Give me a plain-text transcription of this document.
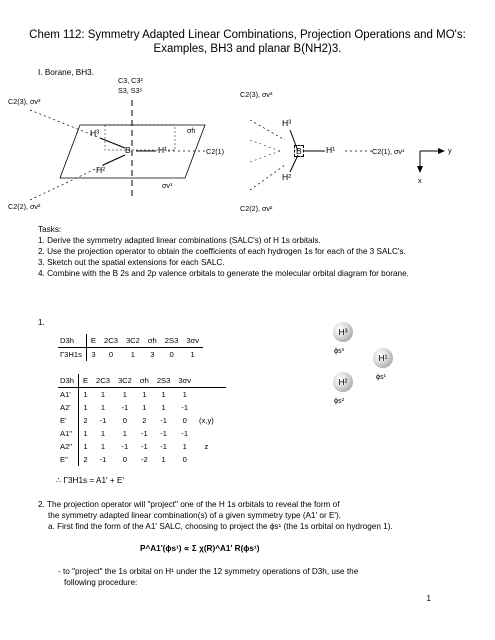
Chem 112: Symmetry Adapted Linear Combinations, Projection Operations and MO's:
Examples, BH3 and planar B(NH2)3.
I. Borane, BH3.
C3, C3²
S3, S3⁵
C2(3), σv³
C2(2), σv²
H³
H²
B	H¹
σh
σv¹
C2(1)
C2(3), σv³
C2(2), σv²
C2(1), σv¹
H³
H²
B	H¹	y
x
Tasks:
1. Derive the symmetry adapted linear combinations (SALC's) of H 1s orbitals.
2. Use the projection operator to obtain the coefficients of each hydrogen 1s for each of the 3 SALC's.
3. Sketch out the spatial extensions for each SALC.
4. Combine with the B 2s and 2p valence orbitals to generate the molecular orbital diagram for borane.
1.
D3h	E	2C3	3C2	σh	2S3	3σv
Γ3H1s	3	0	1	3	0	1
D3h	E	2C3	3C2	σh	2S3	3σv		
A1'	1	1	1	1	1	1		
A2'	1	1	-1	1	1	-1		
E'	2	-1	0	2	-1	0	(x,y)	
A1"	1	1	1	-1	-1	-1		
A2"	1	1	-1	-1	-1	1	z	
E"	2	-1	0	-2	1	0		
∴ Γ3H1s = A1' + E'
H³
ϕs³
H²
ϕs²
H¹
ϕs¹
2. The projection operator will "project" one of the H 1s orbitals to reveal the form of
the symmetry adapted linear combination(s) of a given symmetry type (A1' or E').
a. First find the form of the A1' SALC, choosing to project the ϕs¹ (the 1s orbital on hydrogen 1).
P^A1'(ϕs¹) ∝ Σ χ(R)^A1' R(ϕs¹)
- to "project" the 1s orbital on H¹ under the 12 symmetry operations of D3h, use the
following procedure:
1
